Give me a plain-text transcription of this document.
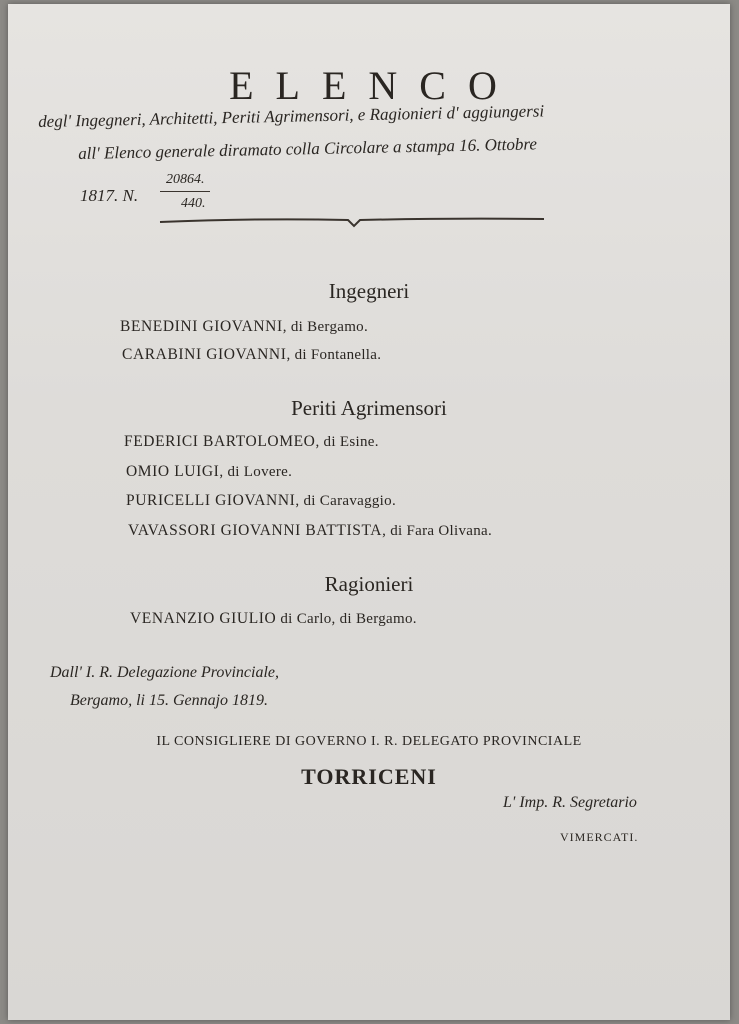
ELENCO
degl' Ingegneri, Architetti, Periti Agrimensori, e Ragionieri d' aggiungersi
all' Elenco generale diramato colla Circolare a stampa 16. Ottobre
1817. N.
20864.
440.
Ingegneri
BENEDINI GIOVANNI, di Bergamo.
CARABINI GIOVANNI, di Fontanella.
Periti Agrimensori
FEDERICI BARTOLOMEO, di Esine.
OMIO LUIGI, di Lovere.
PURICELLI GIOVANNI, di Caravaggio.
VAVASSORI GIOVANNI BATTISTA, di Fara Olivana.
Ragionieri
VENANZIO GIULIO di Carlo, di Bergamo.
Dall' I. R. Delegazione Provinciale,
Bergamo, li 15. Gennajo 1819.
IL CONSIGLIERE DI GOVERNO I. R. DELEGATO PROVINCIALE
TORRICENI
L' Imp. R. Segretario
VIMERCATI.
